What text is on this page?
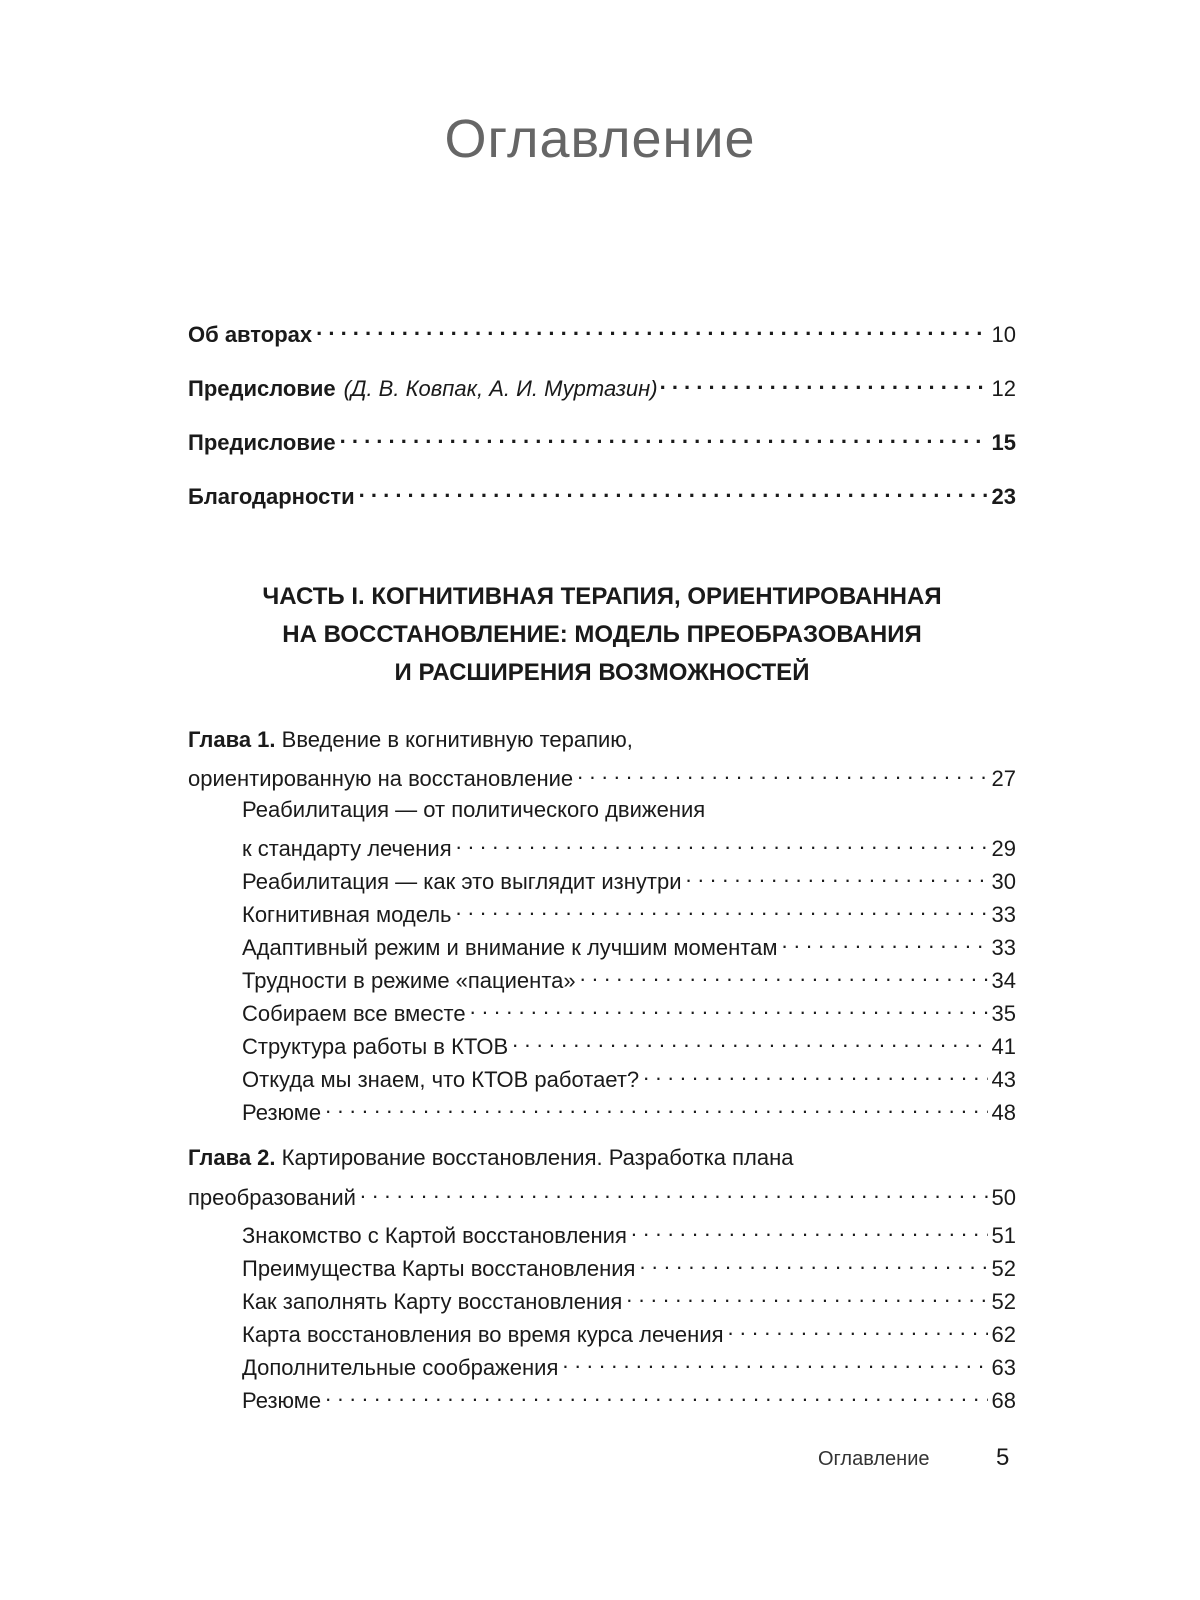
Оглавление
Об авторах . . .	10
Предисловие (Д. В. Ковпак, А. И. Муртазин) . . .	12
Предисловие . . .	15
Благодарности . . .	23
ЧАСТЬ I. КОГНИТИВНАЯ ТЕРАПИЯ, ОРИЕНТИРОВАННАЯ
НА ВОССТАНОВЛЕНИЕ: МОДЕЛЬ ПРЕОБРАЗОВАНИЯ
И РАСШИРЕНИЯ ВОЗМОЖНОСТЕЙ
Глава 1. Введение в когнитивную терапию,
ориентированную на восстановление . . .	27
Реабилитация — от политического движения
к стандарту лечения . . .	29
Реабилитация — как это выглядит изнутри . . .	30
Когнитивная модель . . .	33
Адаптивный режим и внимание к лучшим моментам . . .	33
Трудности в режиме «пациента» . . .	34
Собираем все вместе . . .	35
Структура работы в КТОВ . . .	41
Откуда мы знаем, что КТОВ работает? . . .	43
Резюме . . .	48
Глава 2. Картирование восстановления. Разработка плана
преобразований . . .	50
Знакомство с Картой восстановления . . .	51
Преимущества Карты восстановления . . .	52
Как заполнять Карту восстановления . . .	52
Карта восстановления во время курса лечения . . .	62
Дополнительные соображения . . .	63
Резюме . . .	68
Оглавление	5
